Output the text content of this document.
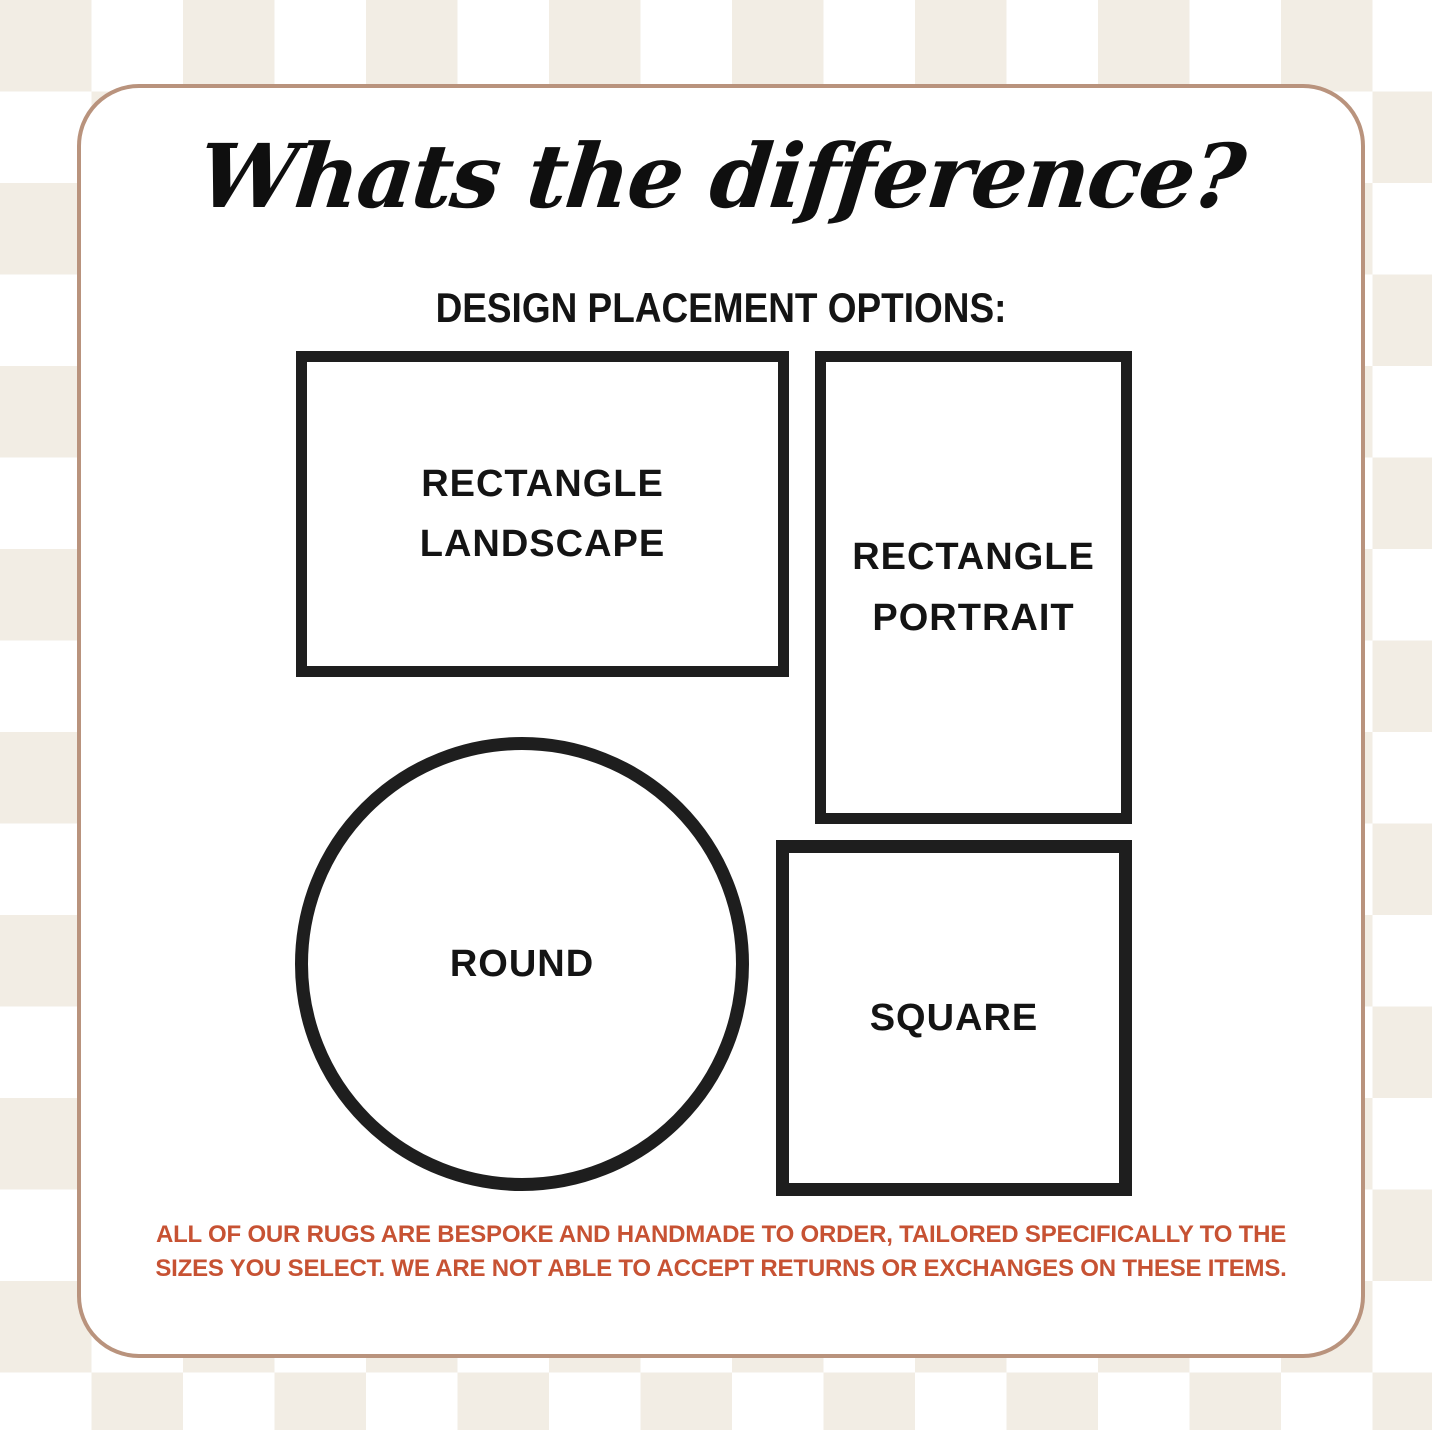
Whats the difference?
DESIGN PLACEMENT OPTIONS:
RECTANGLE
LANDSCAPE	RECTANGLE
PORTRAIT
ROUND
SQUARE

ALL OF OUR RUGS ARE BESPOKE AND HANDMADE TO ORDER, TAILORED SPECIFICALLY TO THE
SIZES YOU SELECT. WE ARE NOT ABLE TO ACCEPT RETURNS OR EXCHANGES ON THESE ITEMS.
